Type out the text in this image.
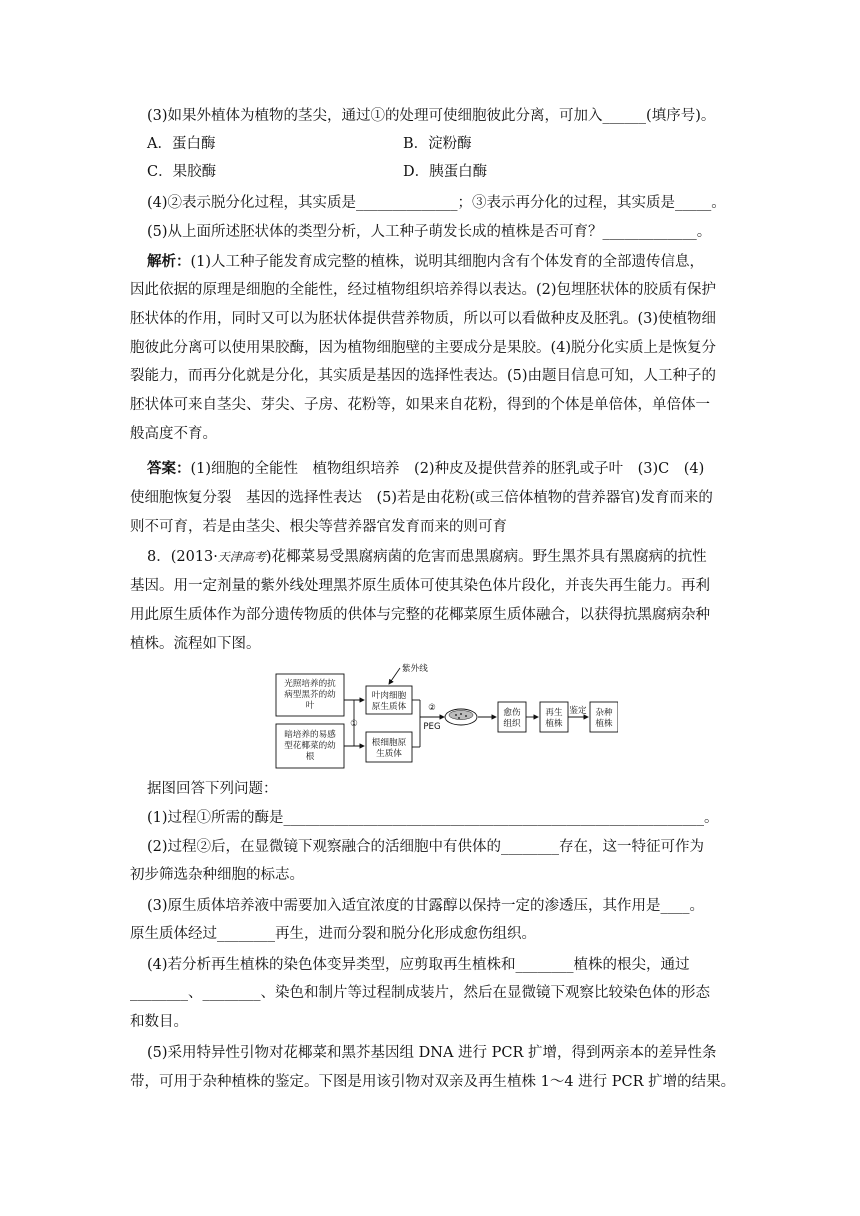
(3)如果外植体为植物的茎尖，通过①的处理可使细胞彼此分离，可加入______(填序号)。
A．蛋白酶	B．淀粉酶
C．果胶酶	D．胰蛋白酶
(4)②表示脱分化过程，其实质是______________；③表示再分化的过程，其实质是_____。
(5)从上面所述胚状体的类型分析，人工种子萌发长成的植株是否可育？_____________。
解析：(1)人工种子能发育成完整的植株，说明其细胞内含有个体发育的全部遗传信息，
因此依据的原理是细胞的全能性，经过植物组织培养得以表达。(2)包埋胚状体的胶质有保护
胚状体的作用，同时又可以为胚状体提供营养物质，所以可以看做种皮及胚乳。(3)使植物细
胞彼此分离可以使用果胶酶，因为植物细胞壁的主要成分是果胶。(4)脱分化实质上是恢复分
裂能力，而再分化就是分化，其实质是基因的选择性表达。(5)由题目信息可知，人工种子的
胚状体可来自茎尖、芽尖、子房、花粉等，如果来自花粉，得到的个体是单倍体，单倍体一
般高度不育。
答案：(1)细胞的全能性　植物组织培养　(2)种皮及提供营养的胚乳或子叶　(3)C　(4)
使细胞恢复分裂　基因的选择性表达　(5)若是由花粉(或三倍体植物的营养器官)发育而来的
则不可育，若是由茎尖、根尖等营养器官发育而来的则可育
8．(2013·天津高考)花椰菜易受黑腐病菌的危害而患黑腐病。野生黑芥具有黑腐病的抗性
基因。用一定剂量的紫外线处理黑芥原生质体可使其染色体片段化，并丧失再生能力。再利
用此原生质体作为部分遗传物质的供体与完整的花椰菜原生质体融合，以获得抗黑腐病杂种
植株。流程如下图。
光照培养的抗
病型黑芥的幼
叶
暗培养的易感
型花椰菜的幼
根
①
紫外线
叶肉细胞
原生质体
根细胞原
生质体
②
PEG
愈伤
组织
再生
植株
鉴定 杂种
植株
据图回答下列问题：
(1)过程①所需的酶是__________________________________________________________。
(2)过程②后，在显微镜下观察融合的活细胞中有供体的________存在，这一特征可作为
初步筛选杂种细胞的标志。
(3)原生质体培养液中需要加入适宜浓度的甘露醇以保持一定的渗透压，其作用是____。
原生质体经过________再生，进而分裂和脱分化形成愈伤组织。
(4)若分析再生植株的染色体变异类型，应剪取再生植株和________植株的根尖，通过
________、________、染色和制片等过程制成装片，然后在显微镜下观察比较染色体的形态
和数目。
(5)采用特异性引物对花椰菜和黑芥基因组 DNA 进行 PCR 扩增，得到两亲本的差异性条
带，可用于杂种植株的鉴定。下图是用该引物对双亲及再生植株 1～4 进行 PCR 扩增的结果。
